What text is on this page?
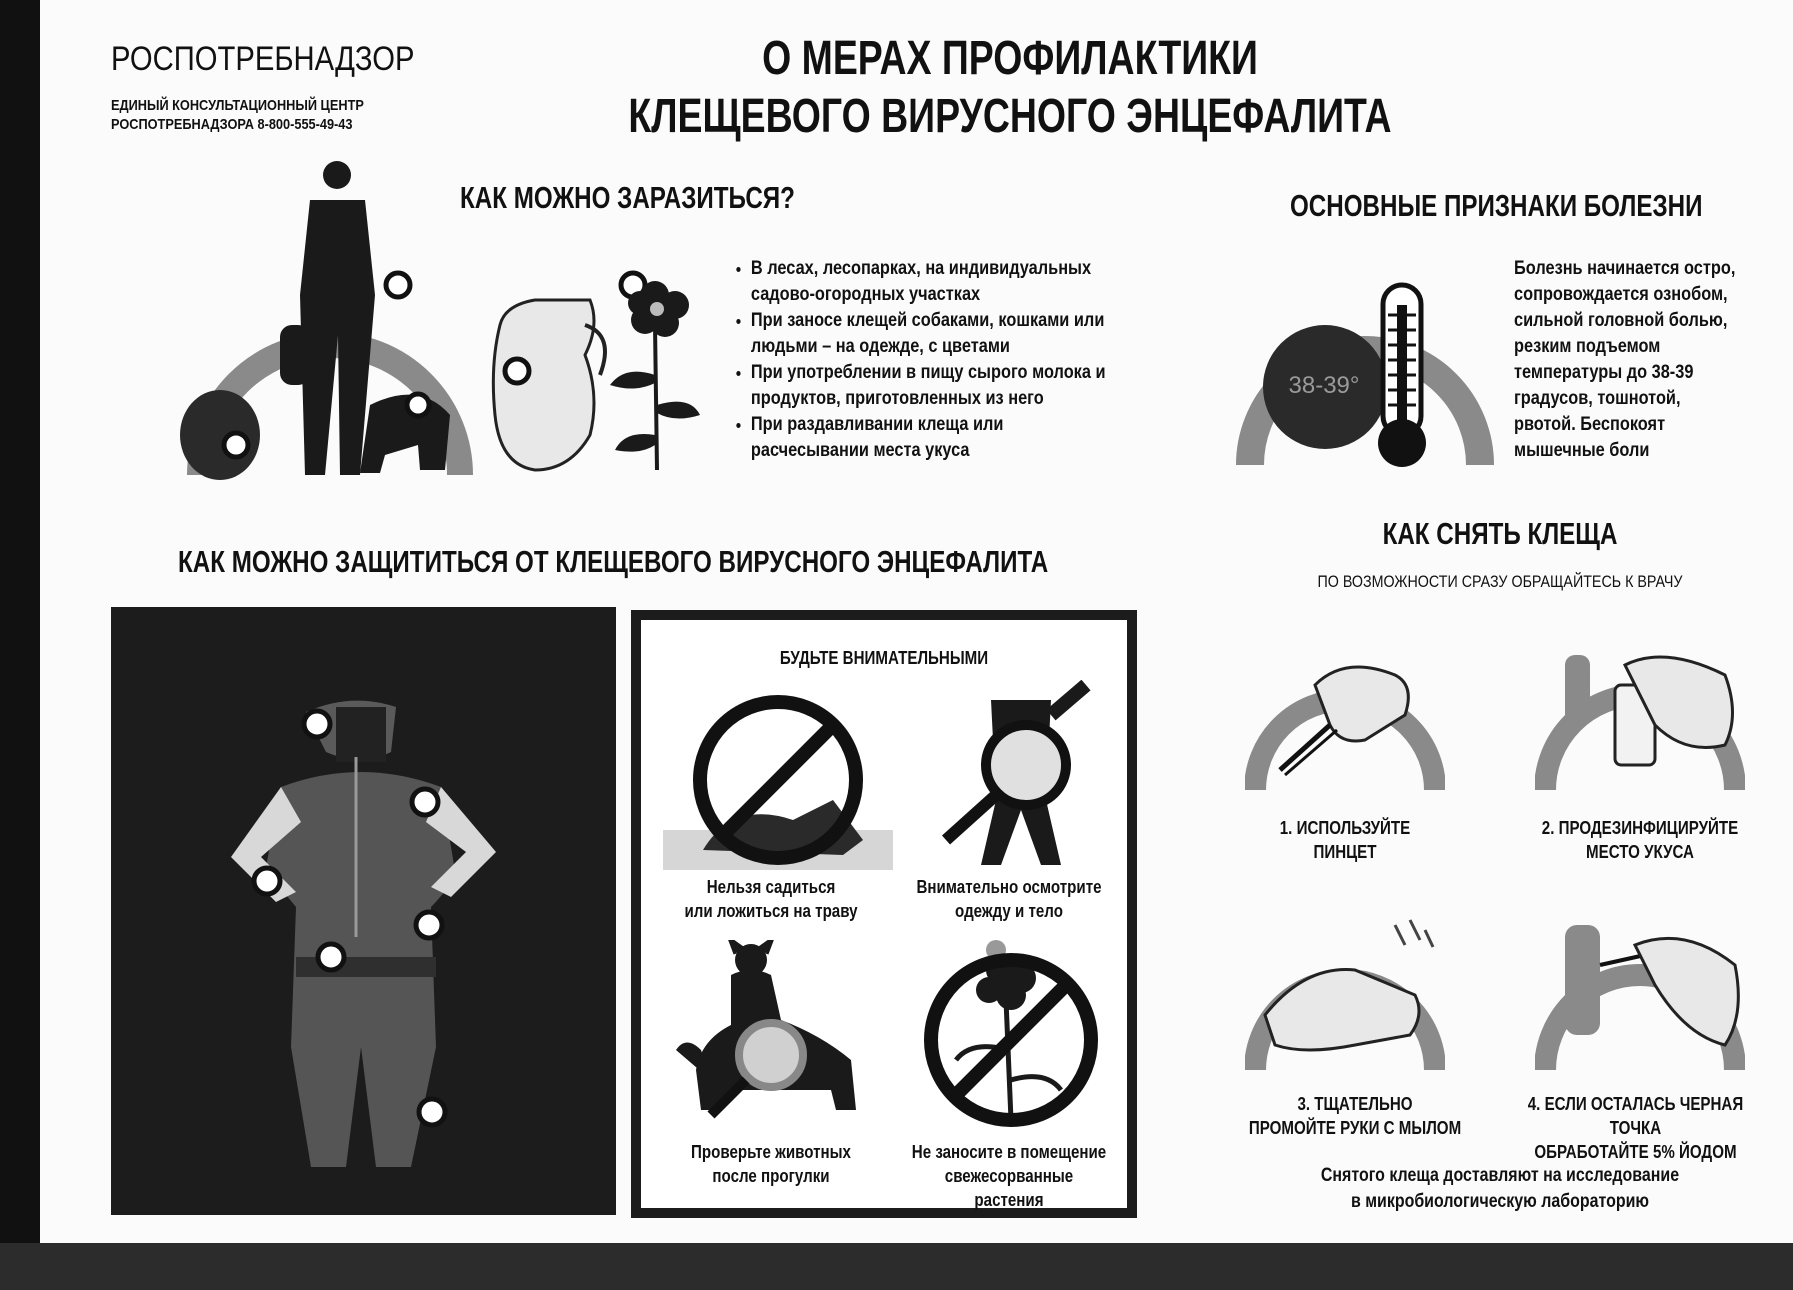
РОСПОТРЕБНАДЗОР
ЕДИНЫЙ КОНСУЛЬТАЦИОННЫЙ ЦЕНТР
РОСПОТРЕБНАДЗОРА 8-800-555-49-43
О МЕРАХ ПРОФИЛАКТИКИ
КЛЕЩЕВОГО ВИРУСНОГО ЭНЦЕФАЛИТА
КАК МОЖНО ЗАРАЗИТЬСЯ?
• В лесах, лесопарках, на индивидуальных садово-огородных участках
• При заносе клещей собаками, кошками или людьми – на одежде, с цветами
• При употреблении в пищу сырого молока и продуктов, приготовленных из него
• При раздавливании клеща или расчесывании места укуса
ОСНОВНЫЕ ПРИЗНАКИ БОЛЕЗНИ
38-39°
Болезнь начинается остро, сопровождается ознобом, сильной головной болью, резким подъемом температуры до 38-39 градусов, тошнотой, рвотой. Беспокоят мышечные боли
КАК МОЖНО ЗАЩИТИТЬСЯ ОТ КЛЕЩЕВОГО ВИРУСНОГО ЭНЦЕФАЛИТА
БУДЬТЕ ВНИМАТЕЛЬНЫМИ
Нельзя садиться
или ложиться на траву
Внимательно осмотрите
одежду и тело
Проверьте животных
после прогулки
Не заносите в помещение
свежесорванные растения
КАК СНЯТЬ КЛЕЩА
ПО ВОЗМОЖНОСТИ СРАЗУ ОБРАЩАЙТЕСЬ К ВРАЧУ
1. ИСПОЛЬЗУЙТЕ
ПИНЦЕТ
2. ПРОДЕЗИНФИЦИРУЙТЕ
МЕСТО УКУСА
3. ТЩАТЕЛЬНО
ПРОМОЙТЕ РУКИ С МЫЛОМ
4. ЕСЛИ ОСТАЛАСЬ ЧЕРНАЯ ТОЧКА
ОБРАБОТАЙТЕ 5% ЙОДОМ
Снятого клеща доставляют на исследование
в микробиологическую лабораторию
